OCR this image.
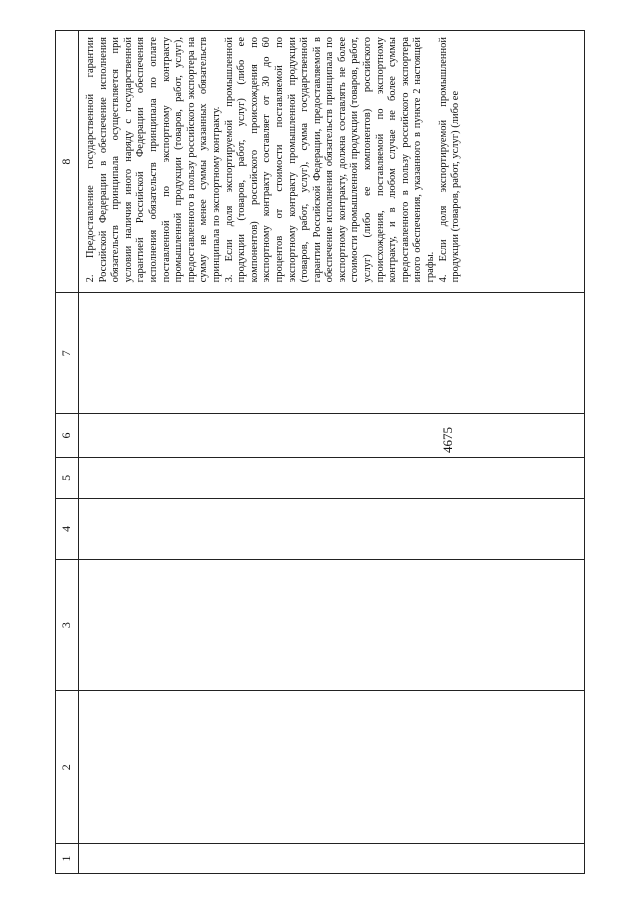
4675
1
2
3
4
5
6
7
8	2. Предоставление государственной гарантии Российской Федерации в обеспечение исполнения обязательств принципала осуществляется при условии наличия иного наряду с государственной гарантией Российской Федерации обеспечения исполнения обязательств принципала по оплате поставленной по экспортному контракту промышленной продукции (товаров, работ, услуг), предоставленного в пользу российского экспортера на сумму не менее суммы указанных обязательств принципала по экспортному контракту. 3. Если доля экспортируемой промышленной продукции (товаров, работ, услуг) (либо ее компонентов) российского происхождения по экспортному контракту составляет от 30 до 60 процентов от стоимости поставляемой по экспортному контракту промышленной продукции (товаров, работ, услуг), сумма государственной гарантии Российской Федерации, предоставляемой в обеспечение исполнения обязательств принципала по экспортному контракту, должна составлять не более стоимости промышленной продукции (товаров, работ, услуг) (либо ее компонентов) российского происхождения, поставляемой по экспортному контракту, и в любом случае не более суммы предоставленного в пользу российского экспортера иного обеспечения, указанного в пункте 2 настоящей графы. 4. Если доля экспортируемой промышленной продукции (товаров, работ, услуг) (либо ее
